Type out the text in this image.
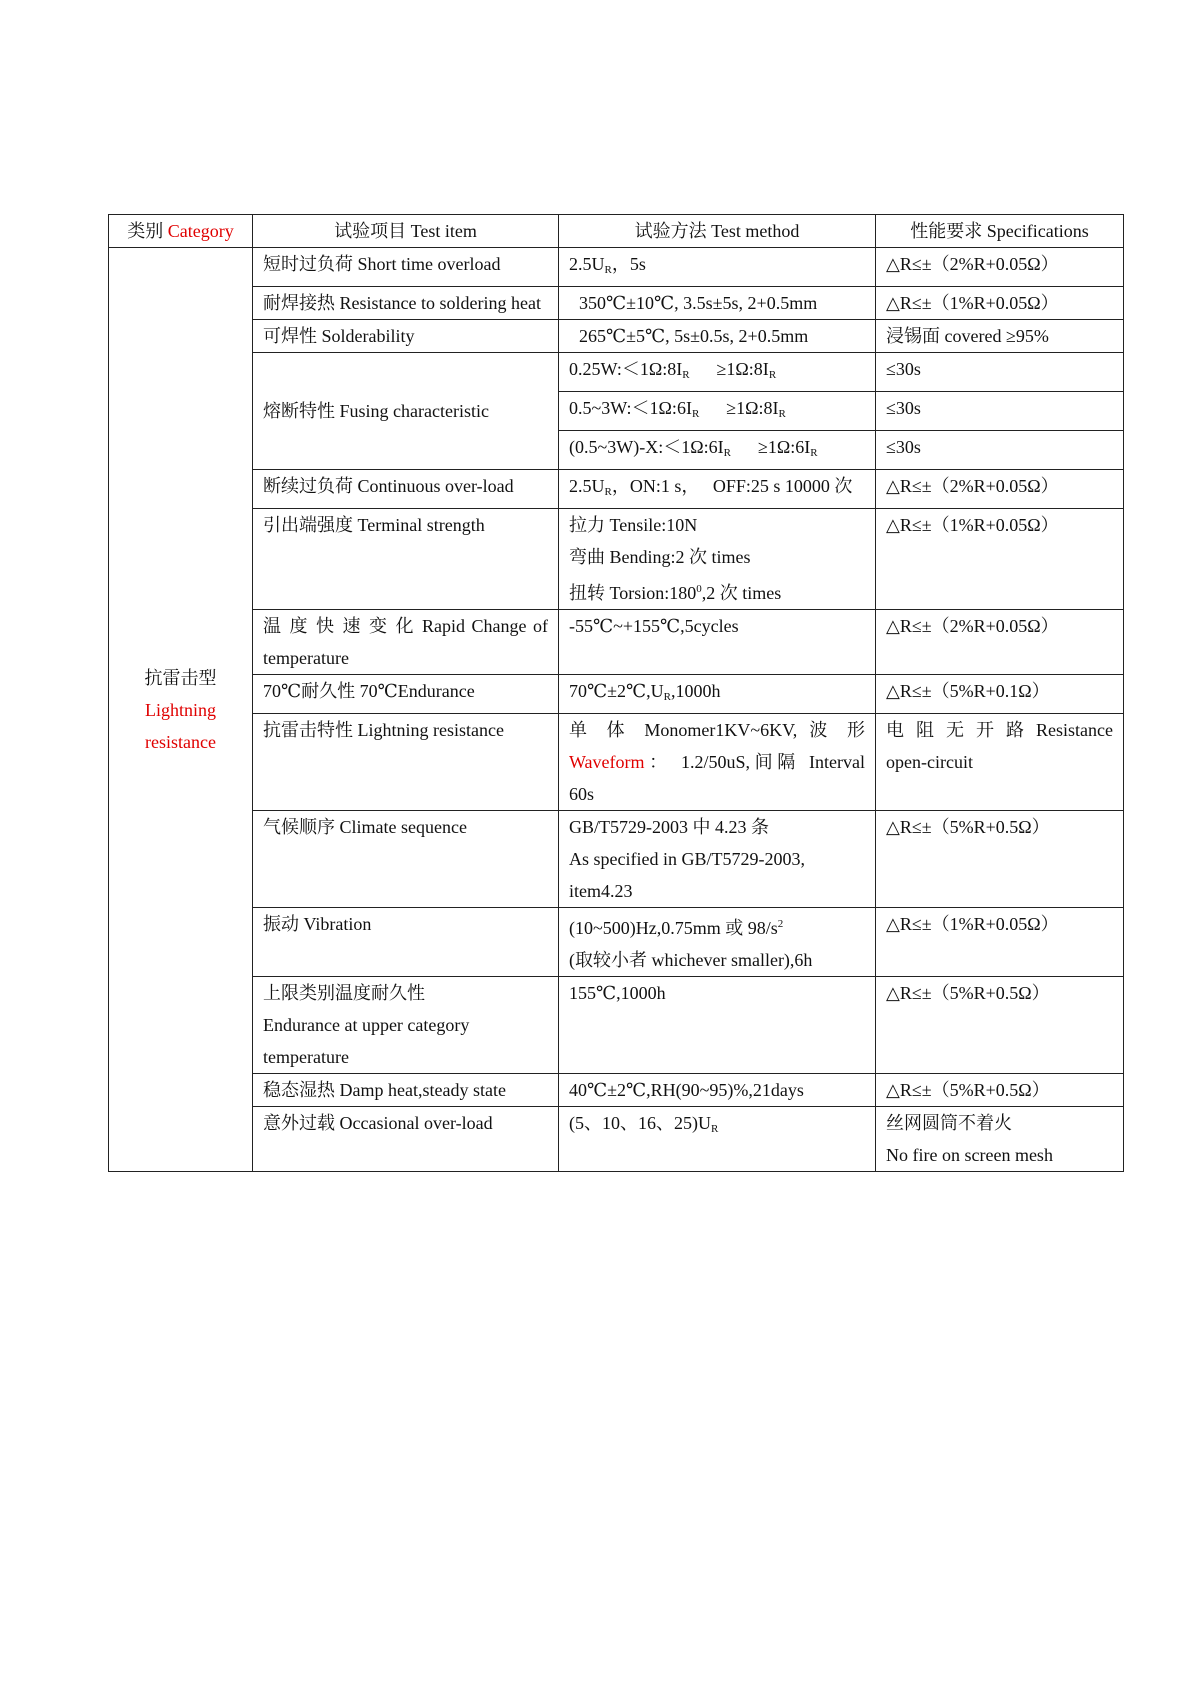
类别 Category	试验项目 Test item	试验方法 Test method	性能要求 Specifications

抗雷击型
Lightning
resistance	短时过负荷 Short time overload	$2.5U_R$，5s	△R≤±（2%R+0.05Ω）
	耐焊接热 Resistance to soldering heat	350℃±10℃, 3.5s±5s, 2+0.5mm	△R≤±（1%R+0.05Ω）
	可焊性 Solderability	265℃±5℃, 5s±0.5s, 2+0.5mm	浸锡面 covered ≥95%
	熔断特性 Fusing characteristic	$0.25W:<1\Omega:8I_R$      $\ge 1\Omega:8I_R$	≤30s
		$0.5\sim 3W:<1\Omega:6I_R$      $\ge 1\Omega:8I_R$	≤30s
		$(0.5\sim 3W)-X:<1\Omega:6I_R$      $\ge 1\Omega:6I_R$	≤30s
	断续过负荷 Continuous over-load	$2.5U_R$，ON:1 s，   OFF:25 s 10000 次	△R≤±（2%R+0.05Ω）
	引出端强度 Terminal strength	拉力 Tensile:10N
弯曲 Bending:2 次 times
扭转 $Torsion:180^0,2$ 次 times	△R≤±（1%R+0.05Ω）

	温 度 快 速 变 化 Rapid Change of
temperature	-55℃~+155℃,5cycles	△R≤±（2%R+0.05Ω）
	70℃耐久性 70℃Endurance	$70℃\pm 2℃,U_R,1000h$	△R≤±（5%R+0.1Ω）
	抗雷击特性 Lightning resistance	单 体 Monomer1KV~6KV, 波 形
Waveform： 1.2/50uS,间隔 Interval
60s	电 阻 无 开 路 Resistance
open-circuit

	气候顺序 Climate sequence	GB/T5729-2003 中 4.23 条
As specified in GB/T5729-2003,
item4.23	△R≤±（5%R+0.5Ω）
	振动 Vibration	(10~500)Hz,0.75mm 或 $98/s^2$
(取较小者 whichever smaller),6h	△R≤±（1%R+0.05Ω）

	上限类别温度耐久性
Endurance at upper category
temperature	155℃,1000h	△R≤±（5%R+0.5Ω）
	稳态湿热 Damp heat,steady state	40℃±2℃,RH(90~95)%,21days	△R≤±（5%R+0.5Ω）
	意外过载 Occasional over-load	(5、10、16、$25)U_R$	丝网圆筒不着火
No fire on screen mesh
